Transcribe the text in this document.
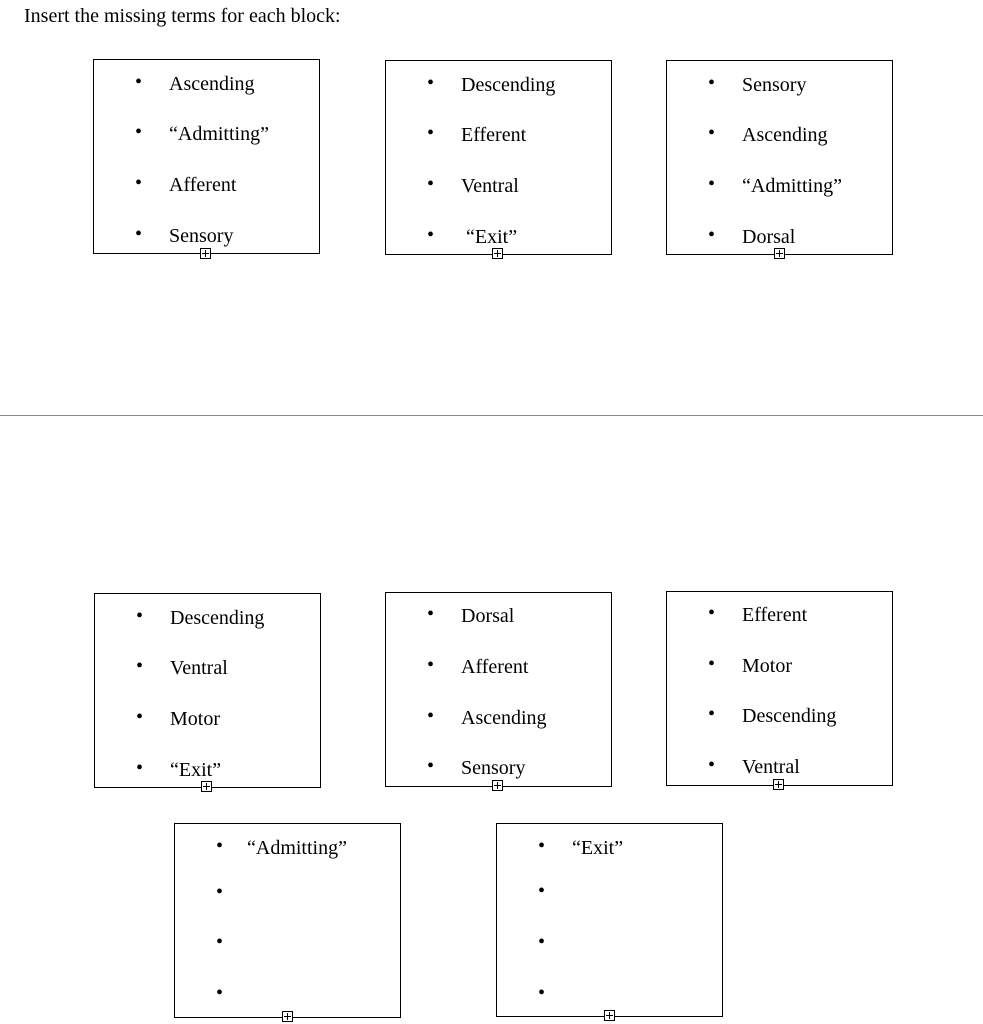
Insert the missing terms for each block:
• Ascending
• “Admitting”
• Afferent
• Sensory
• Descending
• Efferent
• Ventral
• “Exit”
• Sensory
• Ascending
• “Admitting”
• Dorsal
• Descending
• Ventral
• Motor
• “Exit”
• Dorsal
• Afferent
• Ascending
• Sensory
• Efferent
• Motor
• Descending
• Ventral
• “Admitting”
•
•
•
• “Exit”
•
•
•
